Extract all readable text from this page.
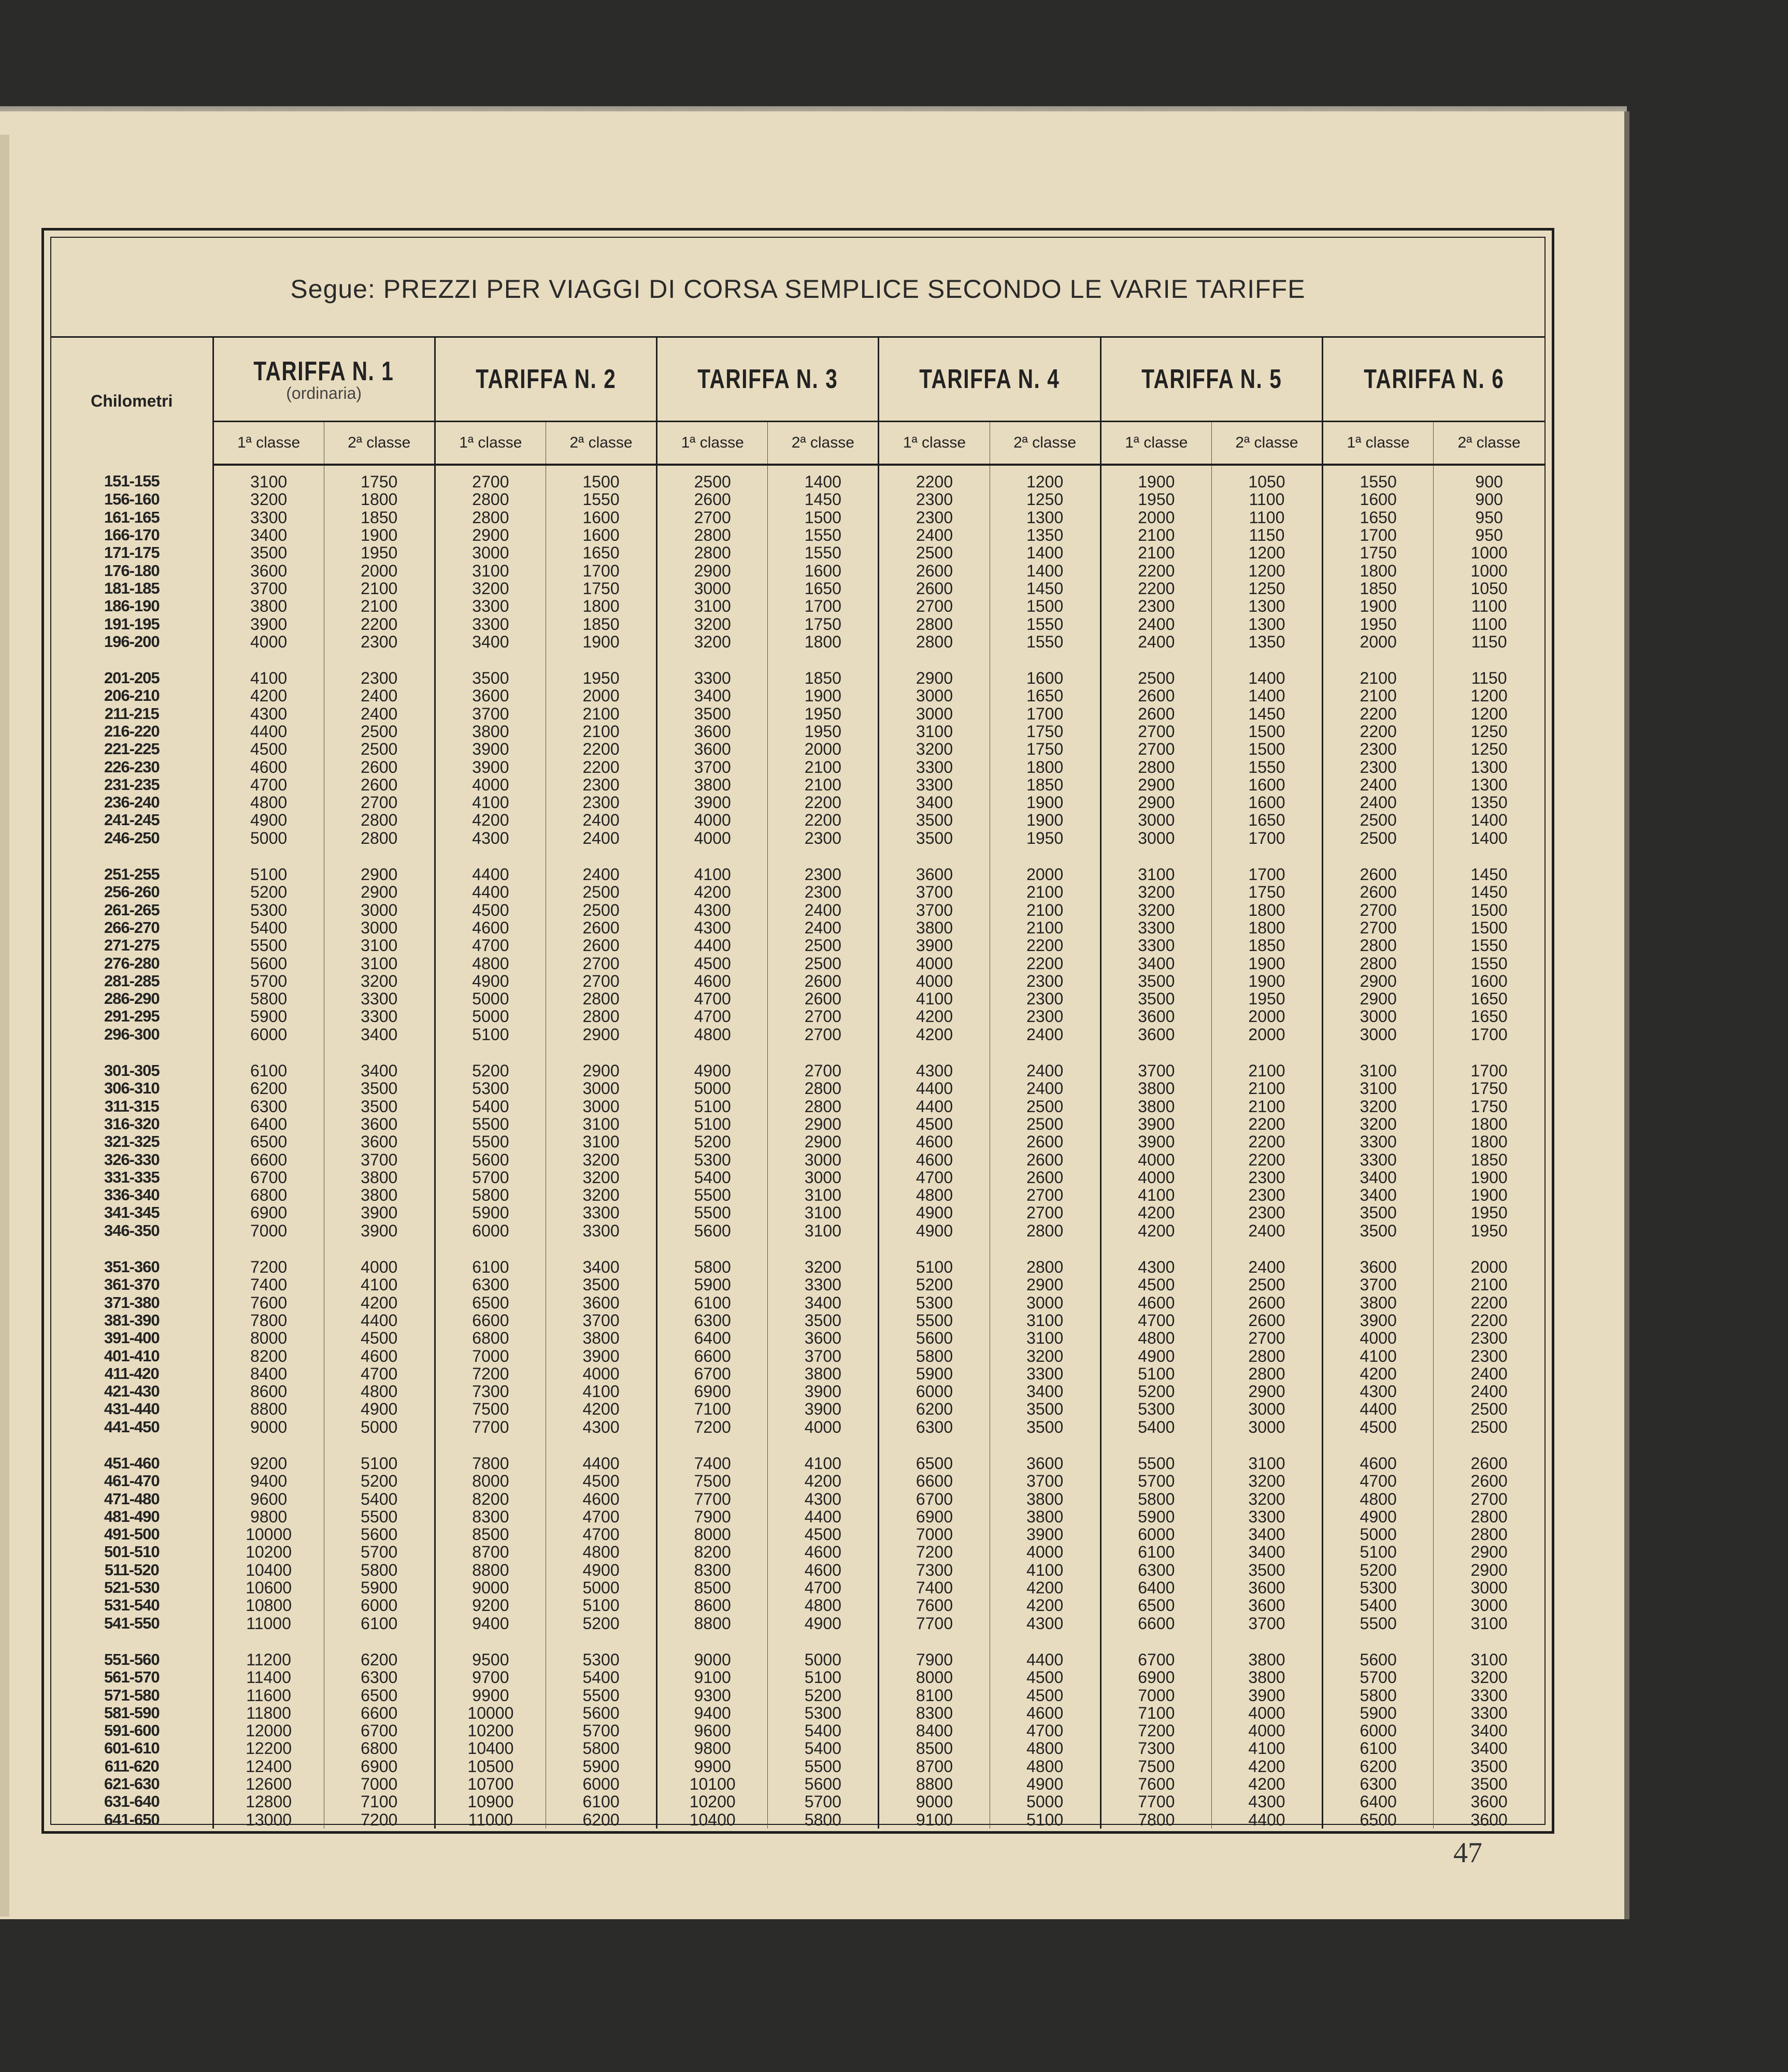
Segue: PREZZI PER VIAGGI DI CORSA SEMPLICE SECONDO LE VARIE TARIFFE
Chilometri	TARIFFA N. 1
(ordinaria)		TARIFFA N. 2		TARIFFA N. 3		TARIFFA N. 4		TARIFFA N. 5		TARIFFA N. 6	
	1ª classe	2ª classe	1ª classe	2ª classe	1ª classe	2ª classe	1ª classe	2ª classe	1ª classe	2ª classe	1ª classe	2ª classe
151-155	3100	1750	2700	1500	2500	1400	2200	1200	1900	1050	1550	900
156-160	3200	1800	2800	1550	2600	1450	2300	1250	1950	1100	1600	900
161-165	3300	1850	2800	1600	2700	1500	2300	1300	2000	1100	1650	950
166-170	3400	1900	2900	1600	2800	1550	2400	1350	2100	1150	1700	950
171-175	3500	1950	3000	1650	2800	1550	2500	1400	2100	1200	1750	1000
176-180	3600	2000	3100	1700	2900	1600	2600	1400	2200	1200	1800	1000
181-185	3700	2100	3200	1750	3000	1650	2600	1450	2200	1250	1850	1050
186-190	3800	2100	3300	1800	3100	1700	2700	1500	2300	1300	1900	1100
191-195	3900	2200	3300	1850	3200	1750	2800	1550	2400	1300	1950	1100
196-200	4000	2300	3400	1900	3200	1800	2800	1550	2400	1350	2000	1150

201-205	4100	2300	3500	1950	3300	1850	2900	1600	2500	1400	2100	1150
206-210	4200	2400	3600	2000	3400	1900	3000	1650	2600	1400	2100	1200
211-215	4300	2400	3700	2100	3500	1950	3000	1700	2600	1450	2200	1200
216-220	4400	2500	3800	2100	3600	1950	3100	1750	2700	1500	2200	1250
221-225	4500	2500	3900	2200	3600	2000	3200	1750	2700	1500	2300	1250
226-230	4600	2600	3900	2200	3700	2100	3300	1800	2800	1550	2300	1300
231-235	4700	2600	4000	2300	3800	2100	3300	1850	2900	1600	2400	1300
236-240	4800	2700	4100	2300	3900	2200	3400	1900	2900	1600	2400	1350
241-245	4900	2800	4200	2400	4000	2200	3500	1900	3000	1650	2500	1400
246-250	5000	2800	4300	2400	4000	2300	3500	1950	3000	1700	2500	1400

251-255	5100	2900	4400	2400	4100	2300	3600	2000	3100	1700	2600	1450
256-260	5200	2900	4400	2500	4200	2300	3700	2100	3200	1750	2600	1450
261-265	5300	3000	4500	2500	4300	2400	3700	2100	3200	1800	2700	1500
266-270	5400	3000	4600	2600	4300	2400	3800	2100	3300	1800	2700	1500
271-275	5500	3100	4700	2600	4400	2500	3900	2200	3300	1850	2800	1550
276-280	5600	3100	4800	2700	4500	2500	4000	2200	3400	1900	2800	1550
281-285	5700	3200	4900	2700	4600	2600	4000	2300	3500	1900	2900	1600
286-290	5800	3300	5000	2800	4700	2600	4100	2300	3500	1950	2900	1650
291-295	5900	3300	5000	2800	4700	2700	4200	2300	3600	2000	3000	1650
296-300	6000	3400	5100	2900	4800	2700	4200	2400	3600	2000	3000	1700

301-305	6100	3400	5200	2900	4900	2700	4300	2400	3700	2100	3100	1700
306-310	6200	3500	5300	3000	5000	2800	4400	2400	3800	2100	3100	1750
311-315	6300	3500	5400	3000	5100	2800	4400	2500	3800	2100	3200	1750
316-320	6400	3600	5500	3100	5100	2900	4500	2500	3900	2200	3200	1800
321-325	6500	3600	5500	3100	5200	2900	4600	2600	3900	2200	3300	1800
326-330	6600	3700	5600	3200	5300	3000	4600	2600	4000	2200	3300	1850
331-335	6700	3800	5700	3200	5400	3000	4700	2600	4000	2300	3400	1900
336-340	6800	3800	5800	3200	5500	3100	4800	2700	4100	2300	3400	1900
341-345	6900	3900	5900	3300	5500	3100	4900	2700	4200	2300	3500	1950
346-350	7000	3900	6000	3300	5600	3100	4900	2800	4200	2400	3500	1950

351-360	7200	4000	6100	3400	5800	3200	5100	2800	4300	2400	3600	2000
361-370	7400	4100	6300	3500	5900	3300	5200	2900	4500	2500	3700	2100
371-380	7600	4200	6500	3600	6100	3400	5300	3000	4600	2600	3800	2200
381-390	7800	4400	6600	3700	6300	3500	5500	3100	4700	2600	3900	2200
391-400	8000	4500	6800	3800	6400	3600	5600	3100	4800	2700	4000	2300
401-410	8200	4600	7000	3900	6600	3700	5800	3200	4900	2800	4100	2300
411-420	8400	4700	7200	4000	6700	3800	5900	3300	5100	2800	4200	2400
421-430	8600	4800	7300	4100	6900	3900	6000	3400	5200	2900	4300	2400
431-440	8800	4900	7500	4200	7100	3900	6200	3500	5300	3000	4400	2500
441-450	9000	5000	7700	4300	7200	4000	6300	3500	5400	3000	4500	2500

451-460	9200	5100	7800	4400	7400	4100	6500	3600	5500	3100	4600	2600
461-470	9400	5200	8000	4500	7500	4200	6600	3700	5700	3200	4700	2600
471-480	9600	5400	8200	4600	7700	4300	6700	3800	5800	3200	4800	2700
481-490	9800	5500	8300	4700	7900	4400	6900	3800	5900	3300	4900	2800
491-500	10000	5600	8500	4700	8000	4500	7000	3900	6000	3400	5000	2800
501-510	10200	5700	8700	4800	8200	4600	7200	4000	6100	3400	5100	2900
511-520	10400	5800	8800	4900	8300	4600	7300	4100	6300	3500	5200	2900
521-530	10600	5900	9000	5000	8500	4700	7400	4200	6400	3600	5300	3000
531-540	10800	6000	9200	5100	8600	4800	7600	4200	6500	3600	5400	3000
541-550	11000	6100	9400	5200	8800	4900	7700	4300	6600	3700	5500	3100

551-560	11200	6200	9500	5300	9000	5000	7900	4400	6700	3800	5600	3100
561-570	11400	6300	9700	5400	9100	5100	8000	4500	6900	3800	5700	3200
571-580	11600	6500	9900	5500	9300	5200	8100	4500	7000	3900	5800	3300
581-590	11800	6600	10000	5600	9400	5300	8300	4600	7100	4000	5900	3300
591-600	12000	6700	10200	5700	9600	5400	8400	4700	7200	4000	6000	3400
601-610	12200	6800	10400	5800	9800	5400	8500	4800	7300	4100	6100	3400
611-620	12400	6900	10500	5900	9900	5500	8700	4800	7500	4200	6200	3500
621-630	12600	7000	10700	6000	10100	5600	8800	4900	7600	4200	6300	3500
631-640	12800	7100	10900	6100	10200	5700	9000	5000	7700	4300	6400	3600
641-650	13000	7200	11000	6200	10400	5800	9100	5100	7800	4400	6500	3600
47
